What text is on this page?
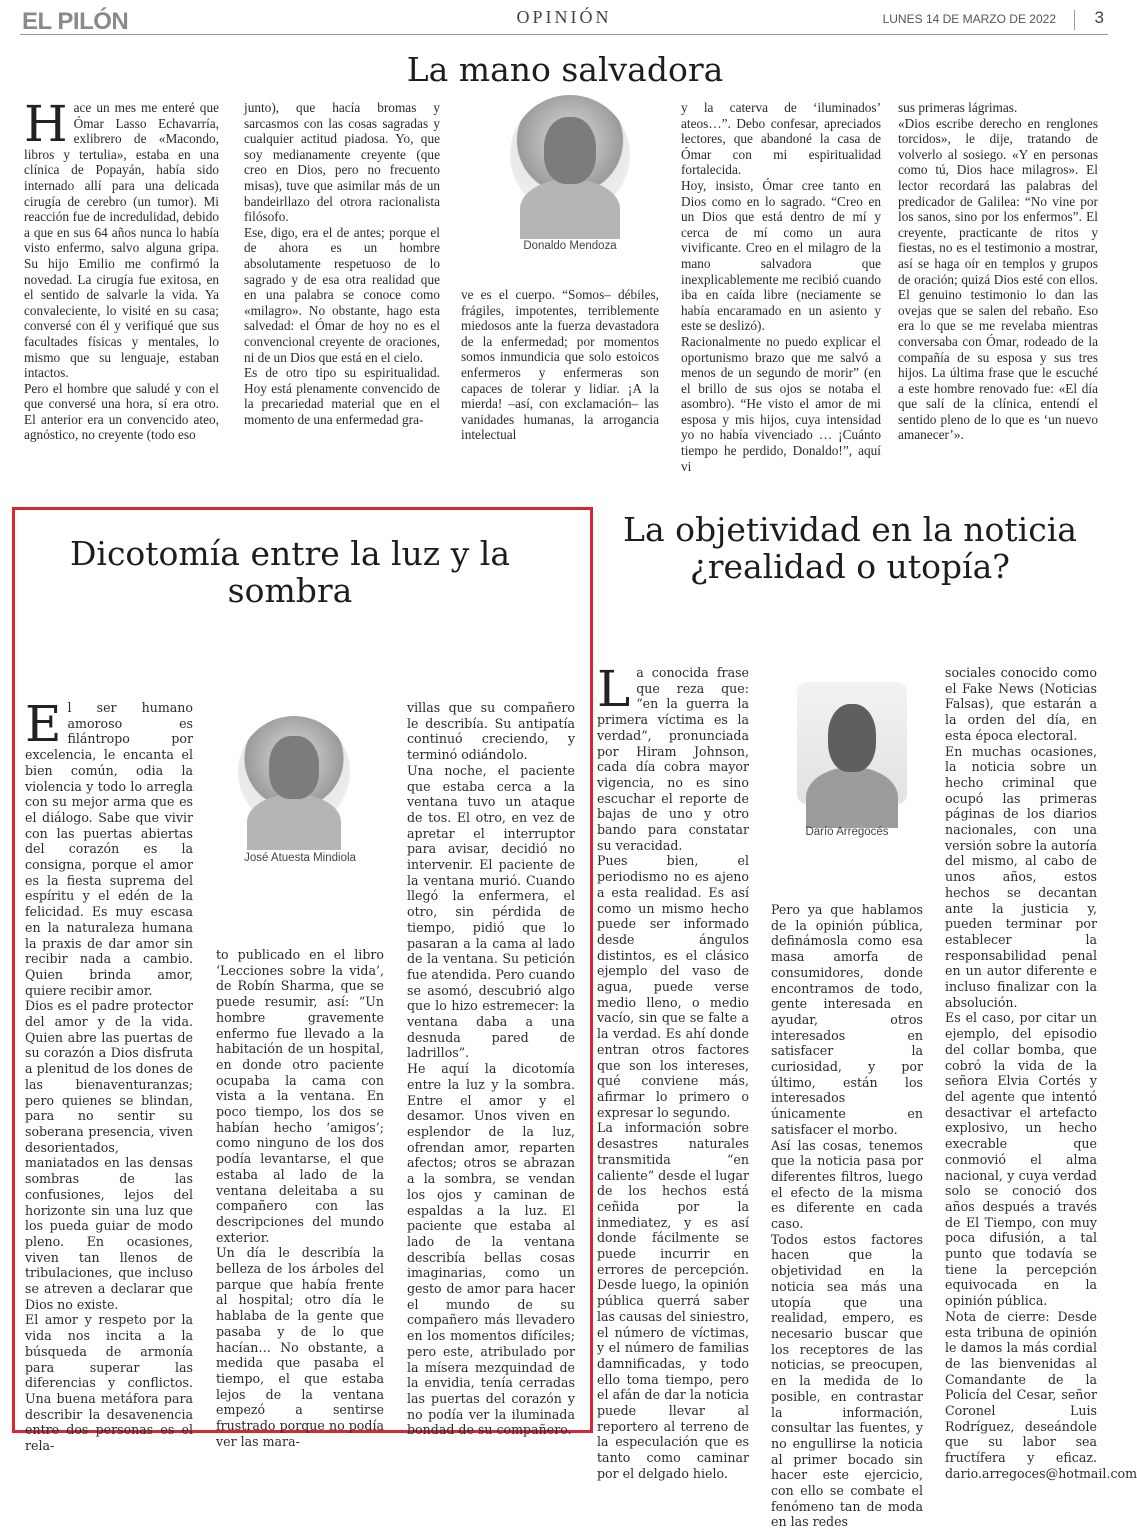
EL PILÓN	OPINIÓN	LUNES 14 DE MARZO DE 2022 3
La mano salvadora
H ace un mes me enteré que Ómar Lasso Echavarría, exlibrero de «Macondo, libros y tertulia», estaba en una clínica de Popayán, había sido internado allí para una delicada cirugía de cerebro (un tumor). Mi reacción fue de incredulidad, debido a que en sus 64 años nunca lo había visto enfermo, salvo alguna gripa. Su hijo Emilio me confirmó la novedad. La cirugía fue exitosa, en el sentido de salvarle la vida. Ya convaleciente, lo visité en su casa; conversé con él y verifiqué que sus facultades físicas y mentales, lo mismo que su lenguaje, estaban intactos.
Pero el hombre que saludé y con el que conversé una hora, sí era otro. El anterior era un convencido ateo, agnóstico, no creyente (todo eso
junto), que hacía bromas y sarcasmos con las cosas sagradas y cualquier actitud piadosa. Yo, que soy medianamente creyente (que creo en Dios, pero no frecuento misas), tuve que asimilar más de un bandeirllazo del otrora racionalista filósofo.
Ese, digo, era el de antes; porque el de ahora es un hombre absolutamente respetuoso de lo sagrado y de esa otra realidad que en una palabra se conoce como «milagro». No obstante, hago esta salvedad: el Ómar de hoy no es el convencional creyente de oraciones, ni de un Dios que está en el cielo.
Es de otro tipo su espiritualidad. Hoy está plenamente convencido de la precariedad material que en el momento de una enfermedad gra-
Donaldo Mendoza
ve es el cuerpo. “Somos– débiles, frágiles, impotentes, terriblemente miedosos ante la fuerza devastadora de la enfermedad; por momentos somos inmundicia que solo estoicos enfermeros y enfermeras son capaces de tolerar y lidiar. ¡A la mierda! –así, con exclamación– las vanidades humanas, la arrogancia intelectual
y la caterva de ‘iluminados’ ateos…”. Debo confesar, apreciados lectores, que abandoné la casa de Ómar con mi espiritualidad fortalecida.
Hoy, insisto, Ómar cree tanto en Dios como en lo sagrado. “Creo en un Dios que está dentro de mí y cerca de mí como un aura vivificante. Creo en el milagro de la mano salvadora que inexplicablemente me recibió cuando iba en caída libre (neciamente se había encaramado en un asiento y este se deslizó).
Racionalmente no puedo explicar el oportunismo brazo que me salvó a menos de un segundo de morir” (en el brillo de sus ojos se notaba el asombro). “He visto el amor de mi esposa y mis hijos, cuya intensidad yo no había vivenciado … ¡Cuánto tiempo he perdido, Donaldo!”, aquí vi
sus primeras lágrimas.
«Dios escribe derecho en renglones torcidos», le dije, tratando de volverlo al sosiego. «Y en personas como tú, Dios hace milagros». El lector recordará las palabras del predicador de Galilea: “No vine por los sanos, sino por los enfermos”. El creyente, practicante de ritos y fiestas, no es el testimonio a mostrar, así se haga oír en templos y grupos de oración; quizá Dios esté con ellos. El genuino testimonio lo dan las ovejas que se salen del rebaño. Eso era lo que se me revelaba mientras conversaba con Ómar, rodeado de la compañía de su esposa y sus tres hijos. La última frase que le escuché a este hombre renovado fue: «El día que salí de la clínica, entendí el sentido pleno de lo que es ‘un nuevo amanecer’».
Dicotomía entre la luz y la sombra
E l ser humano amoroso es filántropo por excelencia, le encanta el bien común, odia la violencia y todo lo arregla con su mejor arma que es el diálogo. Sabe que vivir con las puertas abiertas del corazón es la consigna, porque el amor es la fiesta suprema del espíritu y el edén de la felicidad. Es muy escasa en la naturaleza humana la praxis de dar amor sin recibir nada a cambio. Quien brinda amor, quiere recibir amor.
Dios es el padre protector del amor y de la vida. Quien abre las puertas de su corazón a Dios disfruta a plenitud de los dones de las bienaventuranzas; pero quienes se blindan, para no sentir su soberana presencia, viven desorientados, maniatados en las densas sombras de las confusiones, lejos del horizonte sin una luz que los pueda guiar de modo pleno. En ocasiones, viven tan llenos de tribulaciones, que incluso se atreven a declarar que Dios no existe.
El amor y respeto por la vida nos incita a la búsqueda de armonía para superar las diferencias y conflictos. Una buena metáfora para describir la desavenencia entre dos personas es el rela-
José Atuesta Mindiola
to publicado en el libro ‘Lecciones sobre la vida’, de Robín Sharma, que se puede resumir, así: “Un hombre gravemente enfermo fue llevado a la habitación de un hospital, en donde otro paciente ocupaba la cama con vista a la ventana. En poco tiempo, los dos se habían hecho ‘amigos’; como ninguno de los dos podía levantarse, el que estaba al lado de la ventana deleitaba a su compañero con las descripciones del mundo exterior.
Un día le describía la belleza de los árboles del parque que había frente al hospital; otro día le hablaba de la gente que pasaba y de lo que hacían… No obstante, a medida que pasaba el tiempo, el que estaba lejos de la ventana empezó a sentirse frustrado porque no podía ver las mara-
villas que su compañero le describía. Su antipatía continuó creciendo, y terminó odiándolo.
Una noche, el paciente que estaba cerca a la ventana tuvo un ataque de tos. El otro, en vez de apretar el interruptor para avisar, decidió no intervenir. El paciente de la ventana murió. Cuando llegó la enfermera, el otro, sin pérdida de tiempo, pidió que lo pasaran a la cama al lado de la ventana. Su petición fue atendida. Pero cuando se asomó, descubrió algo que lo hizo estremecer: la ventana daba a una desnuda pared de ladrillos”.
He aquí la dicotomía entre la luz y la sombra. Entre el amor y el desamor. Unos viven en esplendor de la luz, ofrendan amor, reparten afectos; otros se abrazan a la sombra, se vendan los ojos y caminan de espaldas a la luz. El paciente que estaba al lado de la ventana describía bellas cosas imaginarias, como un gesto de amor para hacer el mundo de su compañero más llevadero en los momentos difíciles; pero este, atribulado por la mísera mezquindad de la envidia, tenía cerradas las puertas del corazón y no podía ver la iluminada bondad de su compañero.
La objetividad en la noticia ¿realidad o utopía?
L a conocida frase que reza que: “en la guerra la primera víctima es la verdad”, pronunciada por Hiram Johnson, cada día cobra mayor vigencia, no es sino escuchar el reporte de bajas de uno y otro bando para constatar su veracidad.
Pues bien, el periodismo no es ajeno a esta realidad. Es así como un mismo hecho puede ser informado desde ángulos distintos, es el clásico ejemplo del vaso de agua, puede verse medio lleno, o medio vacío, sin que se falte a la verdad. Es ahí donde entran otros factores que son los intereses, qué conviene más, afirmar lo primero o expresar lo segundo.
La información sobre desastres naturales transmitida “en caliente” desde el lugar de los hechos está ceñida por la inmediatez, y es así donde fácilmente se puede incurrir en errores de percepción. Desde luego, la opinión pública querrá saber las causas del siniestro, el número de víctimas, y el número de familias damnificadas, y todo ello toma tiempo, pero el afán de dar la noticia puede llevar al reportero al terreno de la especulación que es tanto como caminar por el delgado hielo.
Darío Arregocés
Pero ya que hablamos de la opinión pública, definámosla como esa masa amorfa de consumidores, donde encontramos de todo, gente interesada en ayudar, otros interesados en satisfacer la curiosidad, y por último, están los interesados únicamente en satisfacer el morbo.
Así las cosas, tenemos que la noticia pasa por diferentes filtros, luego el efecto de la misma es diferente en cada caso.
Todos estos factores hacen que la objetividad en la noticia sea más una utopía que una realidad, empero, es necesario buscar que los receptores de las noticias, se preocupen, en la medida de lo posible, en contrastar la información, consultar las fuentes, y no engullirse la noticia al primer bocado sin hacer este ejercicio, con ello se combate el fenómeno tan de moda en las redes
sociales conocido como el Fake News (Noticias Falsas), que estarán a la orden del día, en esta época electoral.
En muchas ocasiones, la noticia sobre un hecho criminal que ocupó las primeras páginas de los diarios nacionales, con una versión sobre la autoría del mismo, al cabo de unos años, estos hechos se decantan ante la justicia y, pueden terminar por establecer la responsabilidad penal en un autor diferente e incluso finalizar con la absolución.
Es el caso, por citar un ejemplo, del episodio del collar bomba, que cobró la vida de la señora Elvia Cortés y del agente que intentó desactivar el artefacto explosivo, un hecho execrable que conmovió el alma nacional, y cuya verdad solo se conoció dos años después a través de El Tiempo, con muy poca difusión, a tal punto que todavía se tiene la percepción equivocada en la opinión pública.
Nota de cierre: Desde esta tribuna de opinión le damos la más cordial de las bienvenidas al Comandante de la Policía del Cesar, señor Coronel Luis Rodríguez, deseándole que su labor sea fructífera y eficaz. dario.arregoces@hotmail.com
